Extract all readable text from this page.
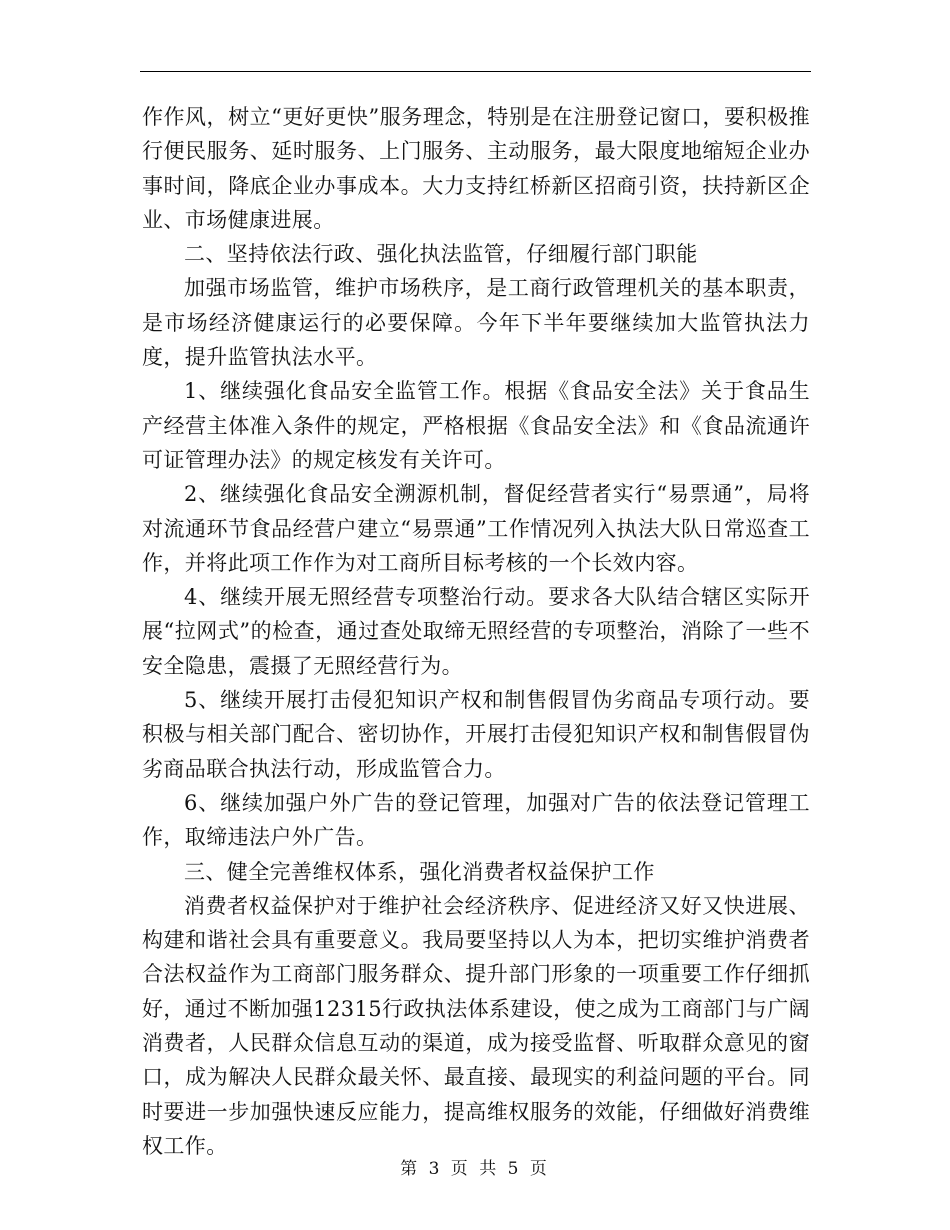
作作风，树立“更好更快”服务理念，特别是在注册登记窗口，要积极推行便民服务、延时服务、上门服务、主动服务，最大限度地缩短企业办事时间，降底企业办事成本。大力支持红桥新区招商引资，扶持新区企业、市场健康进展。

二、坚持依法行政、强化执法监管，仔细履行部门职能

加强市场监管，维护市场秩序，是工商行政管理机关的基本职责，是市场经济健康运行的必要保障。今年下半年要继续加大监管执法力度，提升监管执法水平。

1、继续强化食品安全监管工作。根据《食品安全法》关于食品生产经营主体准入条件的规定，严格根据《食品安全法》和《食品流通许可证管理办法》的规定核发有关许可。

2、继续强化食品安全溯源机制，督促经营者实行“易票通”，局将对流通环节食品经营户建立“易票通”工作情况列入执法大队日常巡查工作，并将此项工作作为对工商所目标考核的一个长效内容。

4、继续开展无照经营专项整治行动。要求各大队结合辖区实际开展“拉网式”的检查，通过查处取缔无照经营的专项整治，消除了一些不安全隐患，震摄了无照经营行为。

5、继续开展打击侵犯知识产权和制售假冒伪劣商品专项行动。要积极与相关部门配合、密切协作，开展打击侵犯知识产权和制售假冒伪劣商品联合执法行动，形成监管合力。

6、继续加强户外广告的登记管理，加强对广告的依法登记管理工作，取缔违法户外广告。

三、健全完善维权体系，强化消费者权益保护工作

消费者权益保护对于维护社会经济秩序、促进经济又好又快进展、构建和谐社会具有重要意义。我局要坚持以人为本，把切实维护消费者合法权益作为工商部门服务群众、提升部门形象的一项重要工作仔细抓好，通过不断加强12315行政执法体系建设，使之成为工商部门与广阔消费者，人民群众信息互动的渠道，成为接受监督、听取群众意见的窗口，成为解决人民群众最关怀、最直接、最现实的利益问题的平台。同时要进一步加强快速反应能力，提高维权服务的效能，仔细做好消费维权工作。

第 3 页 共 5 页
